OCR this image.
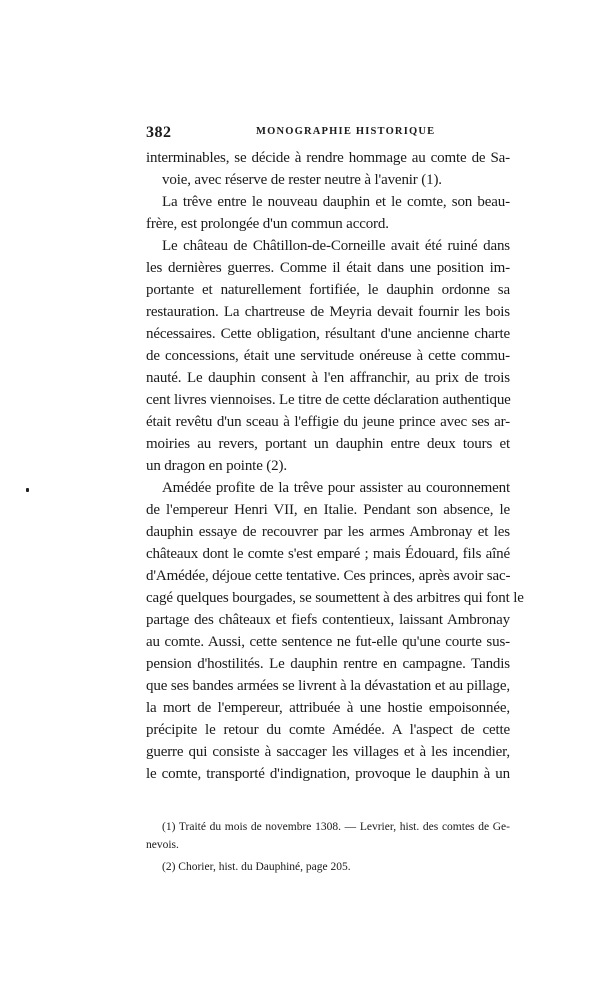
382	MONOGRAPHIE HISTORIQUE
interminables, se décide à rendre hommage au comte de Sa-
voie, avec réserve de rester neutre à l'avenir (1).
La trêve entre le nouveau dauphin et le comte, son beau-
frère, est prolongée d'un commun accord.
Le château de Châtillon-de-Corneille avait été ruiné dans
les dernières guerres. Comme il était dans une position im-
portante et naturellement fortifiée, le dauphin ordonne sa
restauration. La chartreuse de Meyria devait fournir les bois
nécessaires. Cette obligation, résultant d'une ancienne charte
de concessions, était une servitude onéreuse à cette commu-
nauté. Le dauphin consent à l'en affranchir, au prix de trois
cent livres viennoises. Le titre de cette déclaration authentique
était revêtu d'un sceau à l'effigie du jeune prince avec ses ar-
moiries au revers, portant un dauphin entre deux tours et
un dragon en pointe (2).
Amédée profite de la trêve pour assister au couronnement
de l'empereur Henri VII, en Italie. Pendant son absence, le
dauphin essaye de recouvrer par les armes Ambronay et les
châteaux dont le comte s'est emparé ; mais Édouard, fils aîné
d'Amédée, déjoue cette tentative. Ces princes, après avoir sac-
cagé quelques bourgades, se soumettent à des arbitres qui font le
partage des châteaux et fiefs contentieux, laissant Ambronay
au comte. Aussi, cette sentence ne fut-elle qu'une courte sus-
pension d'hostilités. Le dauphin rentre en campagne. Tandis
que ses bandes armées se livrent à la dévastation et au pillage,
la mort de l'empereur, attribuée à une hostie empoisonnée,
précipite le retour du comte Amédée. A l'aspect de cette
guerre qui consiste à saccager les villages et à les incendier,
le comte, transporté d'indignation, provoque le dauphin à un
(1) Traité du mois de novembre 1308. — Levrier, hist. des comtes de Ge-
nevois.
(2) Chorier, hist. du Dauphiné, page 205.
